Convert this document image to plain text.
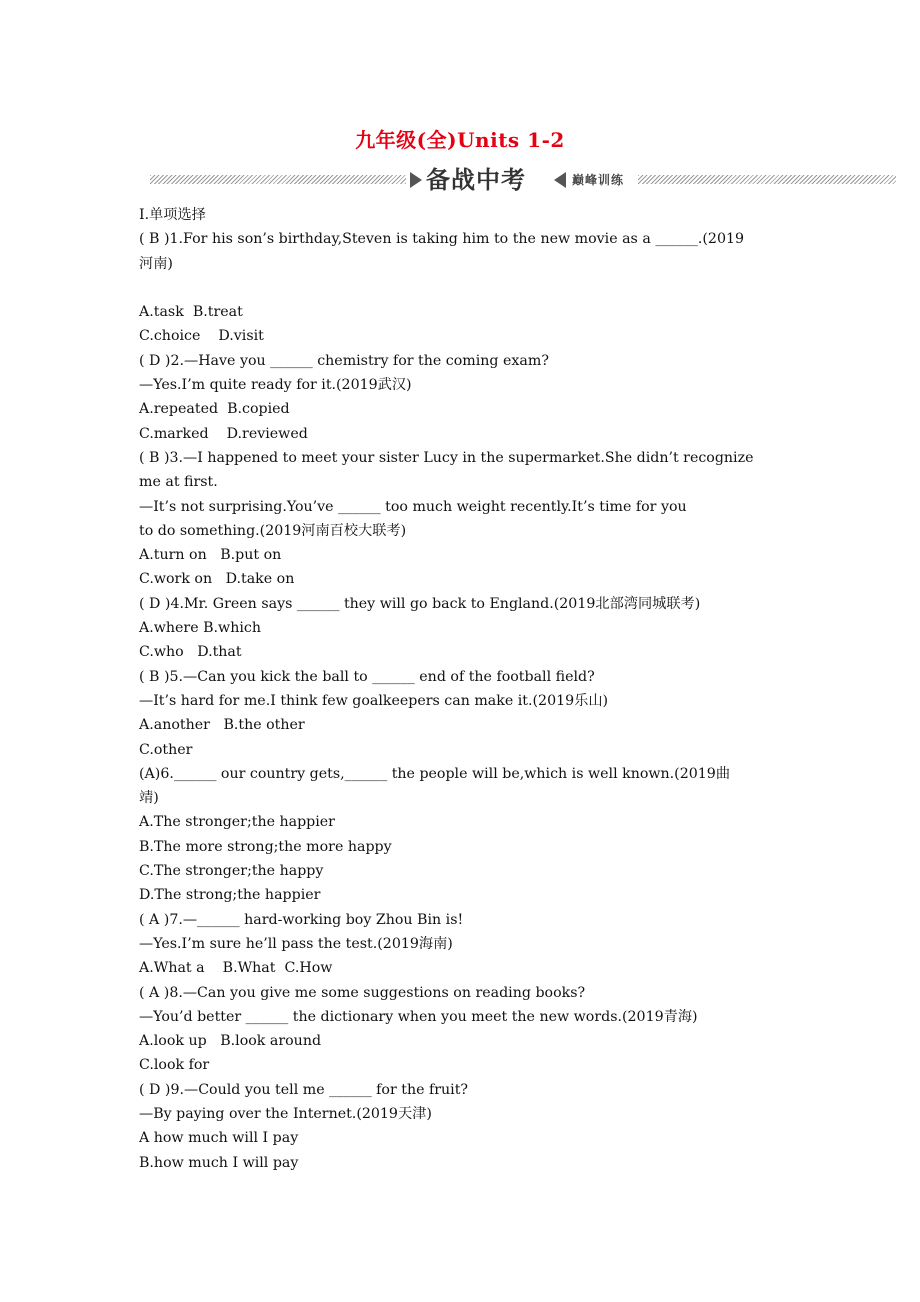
九年级(全)Units 1-2
备战中考	巅峰训练
Ⅰ.单项选择
( B )1.For his son’s birthday,Steven is taking him to the new movie as a ______.(2019
河南)
A.task  B.treat
C.choice    D.visit
( D )2.—Have you ______ chemistry for the coming exam?
—Yes.I’m quite ready for it.(2019武汉)
A.repeated  B.copied
C.marked    D.reviewed
( B )3.—I happened to meet your sister Lucy in the supermarket.She didn’t recognize
me at first.
—It’s not surprising.You’ve ______ too much weight recently.It’s time for you
to do something.(2019河南百校大联考)
A.turn on   B.put on
C.work on   D.take on
( D )4.Mr. Green says ______ they will go back to England.(2019北部湾同城联考)
A.where B.which
C.who   D.that
( B )5.—Can you kick the ball to ______ end of the football field?
—It’s hard for me.I think few goalkeepers can make it.(2019乐山)
A.another   B.the other
C.other
(A)6.______ our country gets,______ the people will be,which is well known.(2019曲
靖)
A.The stronger;the happier
B.The more strong;the more happy
C.The stronger;the happy
D.The strong;the happier
( A )7.—______ hard-working boy Zhou Bin is!
—Yes.I’m sure he’ll pass the test.(2019海南)
A.What a    B.What  C.How
( A )8.—Can you give me some suggestions on reading books?
—You’d better ______ the dictionary when you meet the new words.(2019青海)
A.look up   B.look around
C.look for
( D )9.—Could you tell me ______ for the fruit?
—By paying over the Internet.(2019天津)
A how much will I pay
B.how much I will pay
